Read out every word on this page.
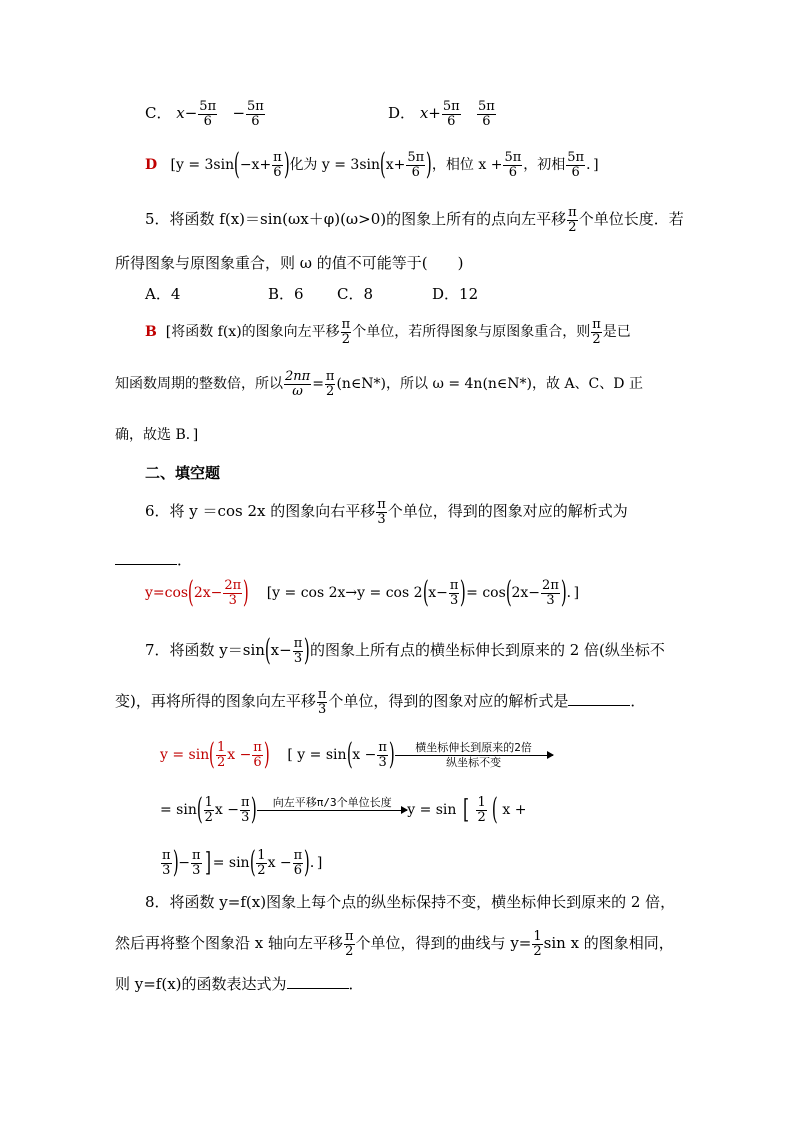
C． $x- \frac{5\pi}{6} - \frac{5\pi}{6}$	D． $x+ \frac{5\pi}{6}$
$\frac{5\pi}{6}$
D [$y = 3\sin(-x+ \frac{\pi}{6}$ )化为 $y = 3\sin(x+ \frac{5\pi}{6}$ )，相位 $x + \frac{5\pi}{6}$ ，初相 $\frac{5\pi}{6}$ ．]
5．将函数 f(x)＝sin(ωx＋φ)(ω>0)的图象上所有的点向左平移 $\frac{\pi}{2}$ 个单位长度．若
所得图象与原图象重合，则 ω 的值不可能等于(　　)
A．4	B．6 C．8	D．12
B [将函数 f(x)的图象向左平移 $\frac{\pi}{2}$ 个单位，若所得图象与原图象重合，则 $\frac{\pi}{2}$ 是已
知函数周期的整数倍，所以 $\frac{2n\pi}{\omega} = \frac{\pi}{2}$ (n∈N*)，所以 ω = 4n(n∈N*)，故 A、C、D 正
确，故选 B．]
二、填空题
6．将 y ＝cos 2x 的图象向右平移 $\frac{\pi}{3}$ 个单位，得到的图象对应的解析式为
．
$y=\cos(2x- \frac{2\pi}{3}$ ) [$y = \cos 2x\to y = \cos 2(x- \frac{\pi}{3}$ )= $\cos(2x- \frac{2\pi}{3}$ )．]
7．将函数 $y=\sin(x- \frac{\pi}{3}$ )的图象上所有点的横坐标伸长到原来的 2 倍(纵坐标不
变)，再将所得的图象向左平移 $\frac{\pi}{3}$ 个单位，得到的图象对应的解析式是	．
$y = \sin( \frac{1}{2}$ $x - \frac{\pi}{6}$ ) [ $y = \sin(x - \frac{\pi}{3}$ )	横坐标伸长到原来的2倍
纵坐标不变
= $\sin( \frac{1}{2}$ $x - \frac{\pi}{3}$ )	向左平移π/3个单位长度
	y = sin [ $\frac{1}{2}$ ( x +
$\frac{\pi}{3}$ )− $\frac{\pi}{3}$ ] = $\sin( \frac{1}{2}$ $x - \frac{\pi}{6}$ )．]
8．将函数 y=f(x)图象上每个点的纵坐标保持不变，横坐标伸长到原来的 2 倍，
然后再将整个图象沿 x 轴向左平移 $\frac{\pi}{2}$ 个单位，得到的曲线与 $y= \frac{1}{2}$ sin x 的图象相同，
则 y=f(x)的函数表达式为	．
